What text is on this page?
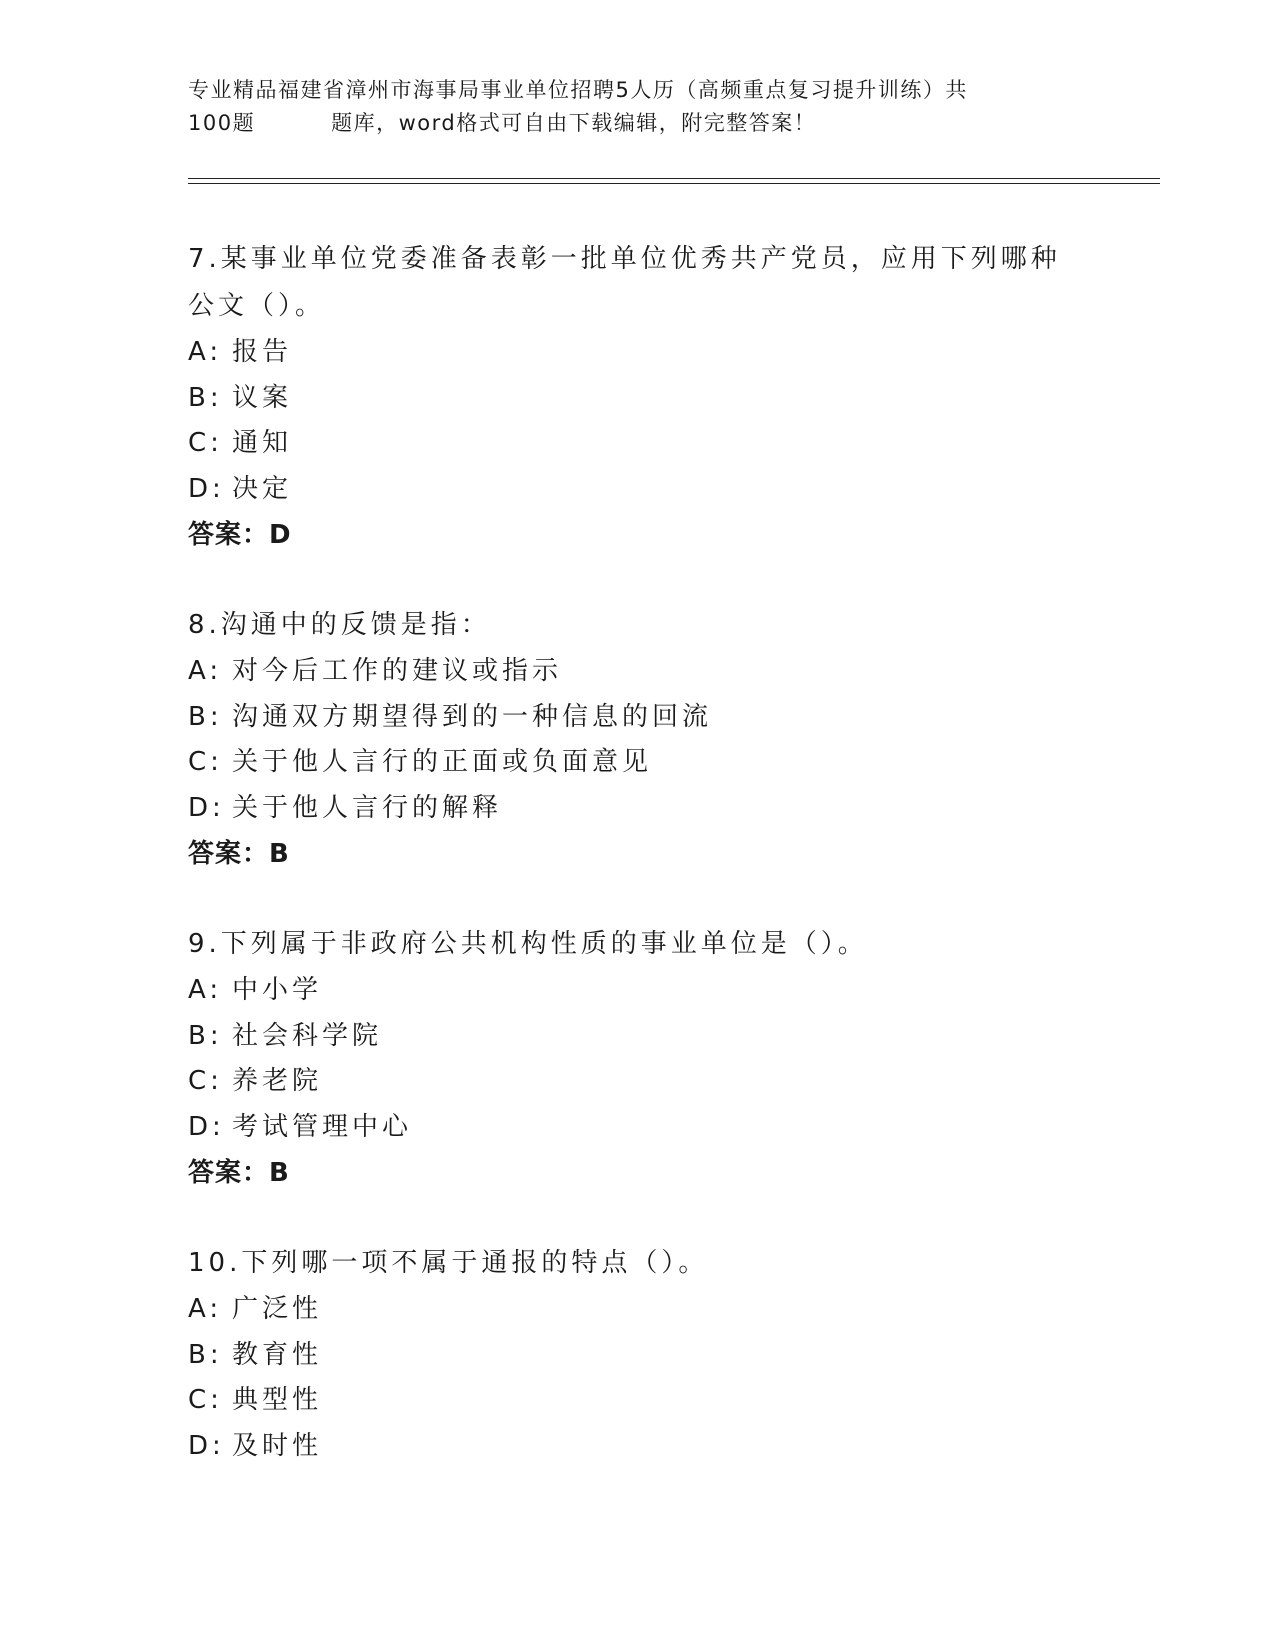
专业精品福建省漳州市海事局事业单位招聘5人历（高频重点复习提升训练）共
100题	题库，word格式可自由下载编辑，附完整答案！

7.某事业单位党委准备表彰一批单位优秀共产党员，应用下列哪种公文（）。

A: 报告

B: 议案

C: 通知

D: 决定

答案：D

8.沟通中的反馈是指：

A: 对今后工作的建议或指示

B: 沟通双方期望得到的一种信息的回流

C: 关于他人言行的正面或负面意见

D: 关于他人言行的解释

答案：B

9.下列属于非政府公共机构性质的事业单位是（）。

A: 中小学

B: 社会科学院

C: 养老院

D: 考试管理中心

答案：B

10.下列哪一项不属于通报的特点（）。

A: 广泛性

B: 教育性

C: 典型性

D: 及时性
